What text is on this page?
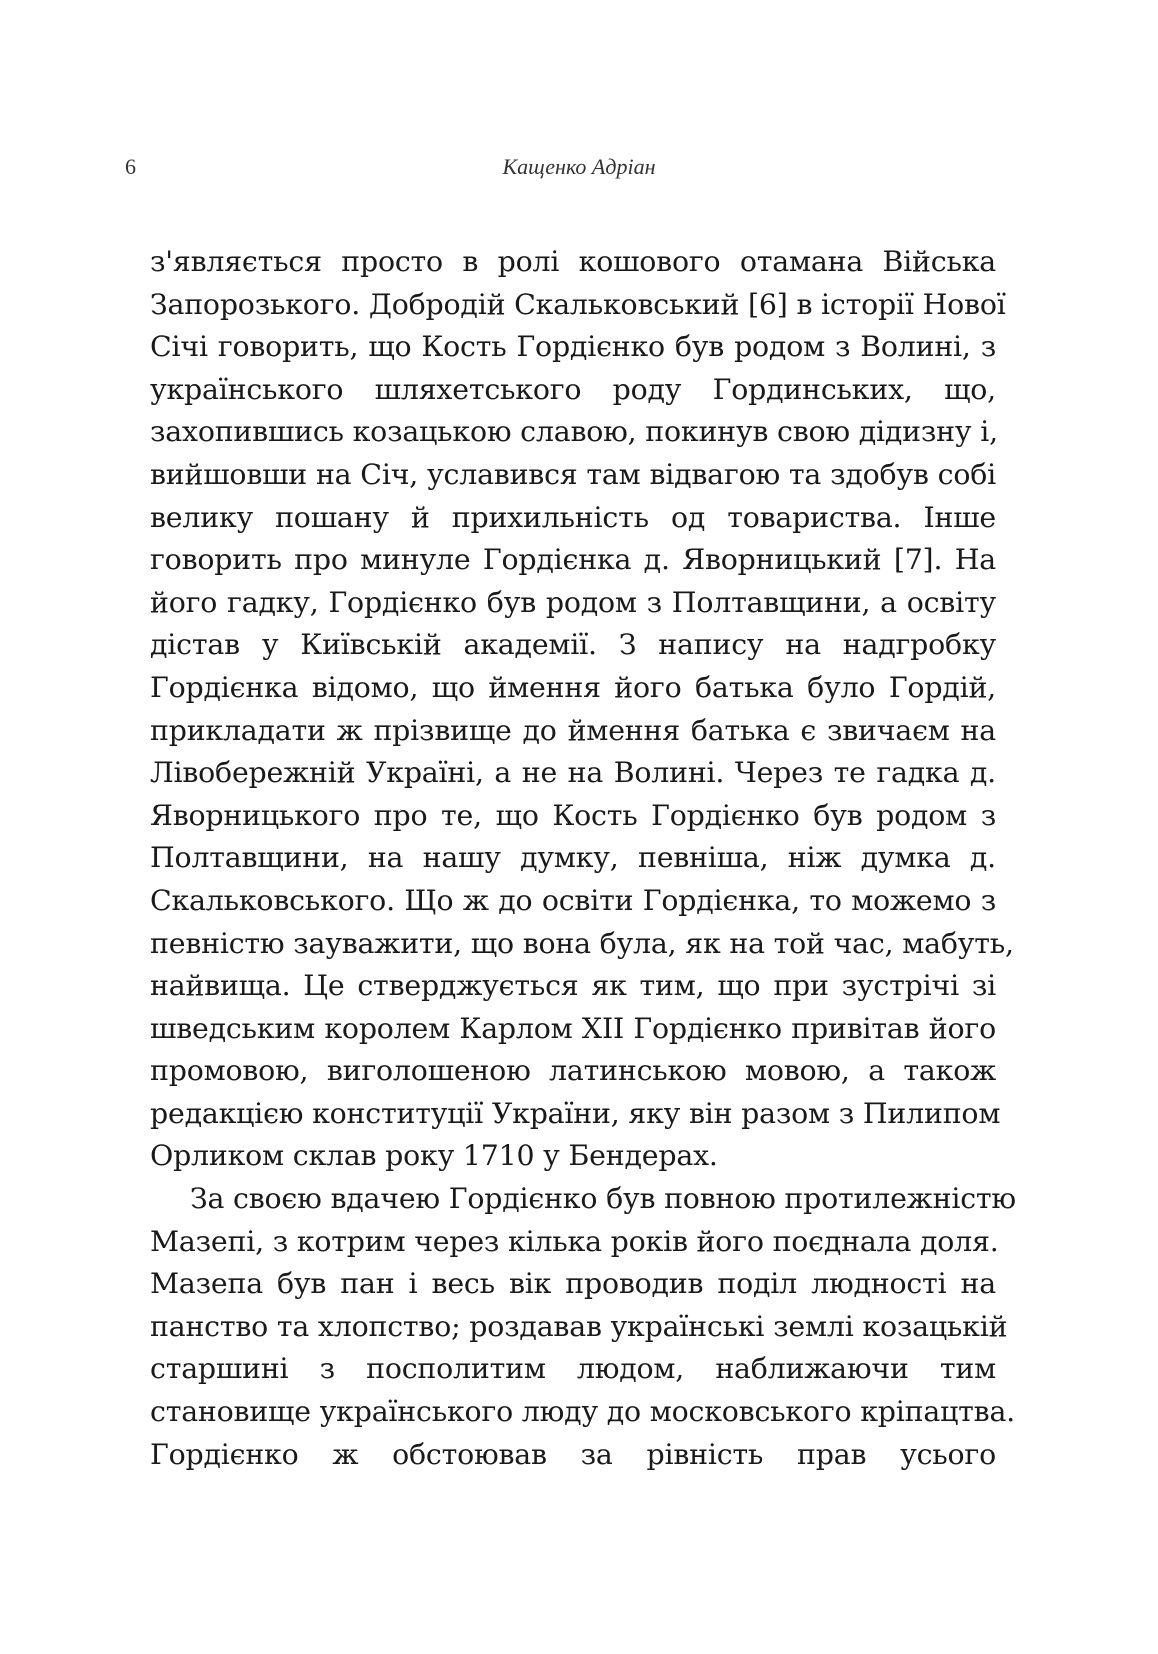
6	Кащенко Адріан
з'являється просто в ролі кошового отамана Війська
Запорозького. Добродій Скальковський [6] в історії Нової
Січі говорить, що Кость Гордієнко був родом з Волині, з
українського шляхетського роду Гординських, що,
захопившись козацькою славою, покинув свою дідизну і,
вийшовши на Січ, уславився там відвагою та здобув собі
велику пошану й прихильність од товариства. Інше
говорить про минуле Гордієнка д. Яворницький [7]. На
його гадку, Гордієнко був родом з Полтавщини, а освіту
дістав у Київській академії. З напису на надгробку
Гордієнка відомо, що ймення його батька було Гордій,
прикладати ж прізвище до ймення батька є звичаєм на
Лівобережній Україні, а не на Волині. Через те гадка д.
Яворницького про те, що Кость Гордієнко був родом з
Полтавщини, на нашу думку, певніша, ніж думка д.
Скальковського. Що ж до освіти Гордієнка, то можемо з
певністю зауважити, що вона була, як на той час, мабуть,
найвища. Це стверджується як тим, що при зустрічі зі
шведським королем Карлом XII Гордієнко привітав його
промовою, виголошеною латинською мовою, а також
редакцією конституції України, яку він разом з Пилипом
Орликом склав року 1710 у Бендерах.
За своєю вдачею Гордієнко був повною протилежністю
Мазепі, з котрим через кілька років його поєднала доля.
Мазепа був пан і весь вік проводив поділ людності на
панство та хлопство; роздавав українські землі козацькій
старшині з посполитим людом, наближаючи тим
становище українського люду до московського кріпацтва.
Гордієнко ж обстоював за рівність прав усього
